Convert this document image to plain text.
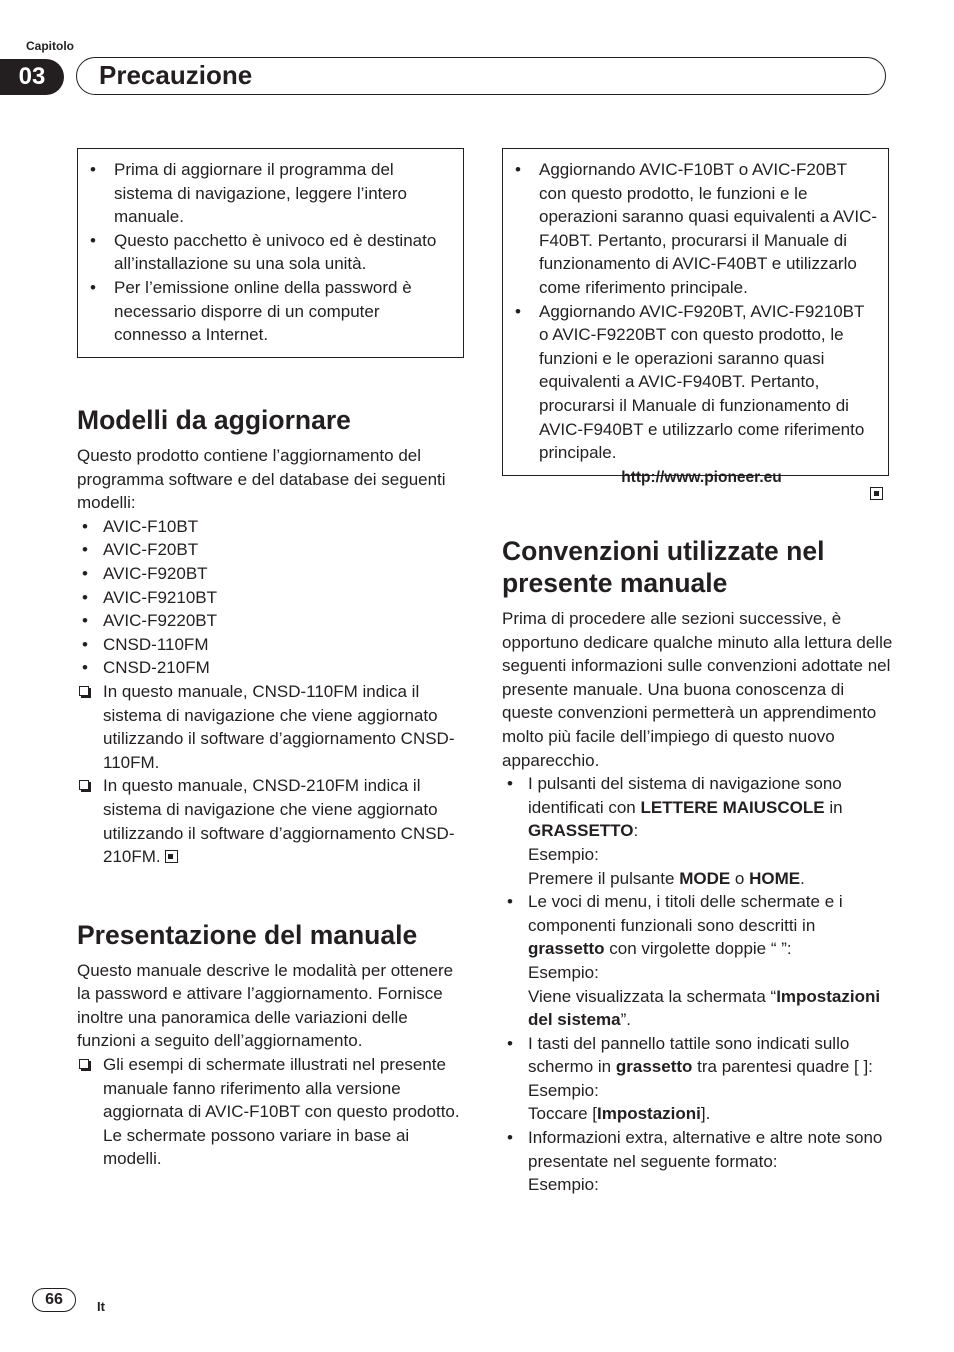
Capitolo
03	Precauzione
• Prima di aggiornare il programma del sistema di navigazione, leggere l’intero manuale.
• Questo pacchetto è univoco ed è destinato all’installazione su una sola unità.
• Per l’emissione online della password è necessario disporre di un computer connesso a Internet.
• Aggiornando AVIC-F10BT o AVIC-F20BT con questo prodotto, le funzioni e le operazioni saranno quasi equivalenti a AVIC-F40BT. Pertanto, procurarsi il Manuale di funzionamento di AVIC-F40BT e utilizzarlo come riferimento principale.
• Aggiornando AVIC-F920BT, AVIC-F9210BT o AVIC-F9220BT con questo prodotto, le funzioni e le operazioni saranno quasi equivalenti a AVIC-F940BT. Pertanto, procurarsi il Manuale di funzionamento di AVIC-F940BT e utilizzarlo come riferimento principale.
http://www.pioneer.eu
Modelli da aggiornare
Questo prodotto contiene l’aggiornamento del programma software e del database dei seguenti modelli:
• AVIC-F10BT
• AVIC-F20BT
• AVIC-F920BT
• AVIC-F9210BT
• AVIC-F9220BT
• CNSD-110FM
• CNSD-210FM
In questo manuale, CNSD-110FM indica il sistema di navigazione che viene aggiornato utilizzando il software d’aggiornamento CNSD-110FM.
In questo manuale, CNSD-210FM indica il sistema di navigazione che viene aggiornato utilizzando il software d’aggiornamento CNSD-210FM.
Presentazione del manuale
Questo manuale descrive le modalità per ottenere la password e attivare l’aggiornamento. Fornisce inoltre una panoramica delle variazioni delle funzioni a seguito dell’aggiornamento.
Gli esempi di schermate illustrati nel presente manuale fanno riferimento alla versione aggiornata di AVIC-F10BT con questo prodotto. Le schermate possono variare in base ai modelli.
Convenzioni utilizzate nel presente manuale
Prima di procedere alle sezioni successive, è opportuno dedicare qualche minuto alla lettura delle seguenti informazioni sulle convenzioni adottate nel presente manuale. Una buona conoscenza di queste convenzioni permetterà un apprendimento molto più facile dell’impiego di questo nuovo apparecchio.
• I pulsanti del sistema di navigazione sono identificati con LETTERE MAIUSCOLE in GRASSETTO:
Esempio:
Premere il pulsante MODE o HOME.
• Le voci di menu, i titoli delle schermate e i componenti funzionali sono descritti in grassetto con virgolette doppie “ ”:
Esempio:
Viene visualizzata la schermata “Impostazioni del sistema”.
• I tasti del pannello tattile sono indicati sullo schermo in grassetto tra parentesi quadre [ ]:
Esempio:
Toccare [Impostazioni].
• Informazioni extra, alternative e altre note sono presentate nel seguente formato:
Esempio:
66	It
